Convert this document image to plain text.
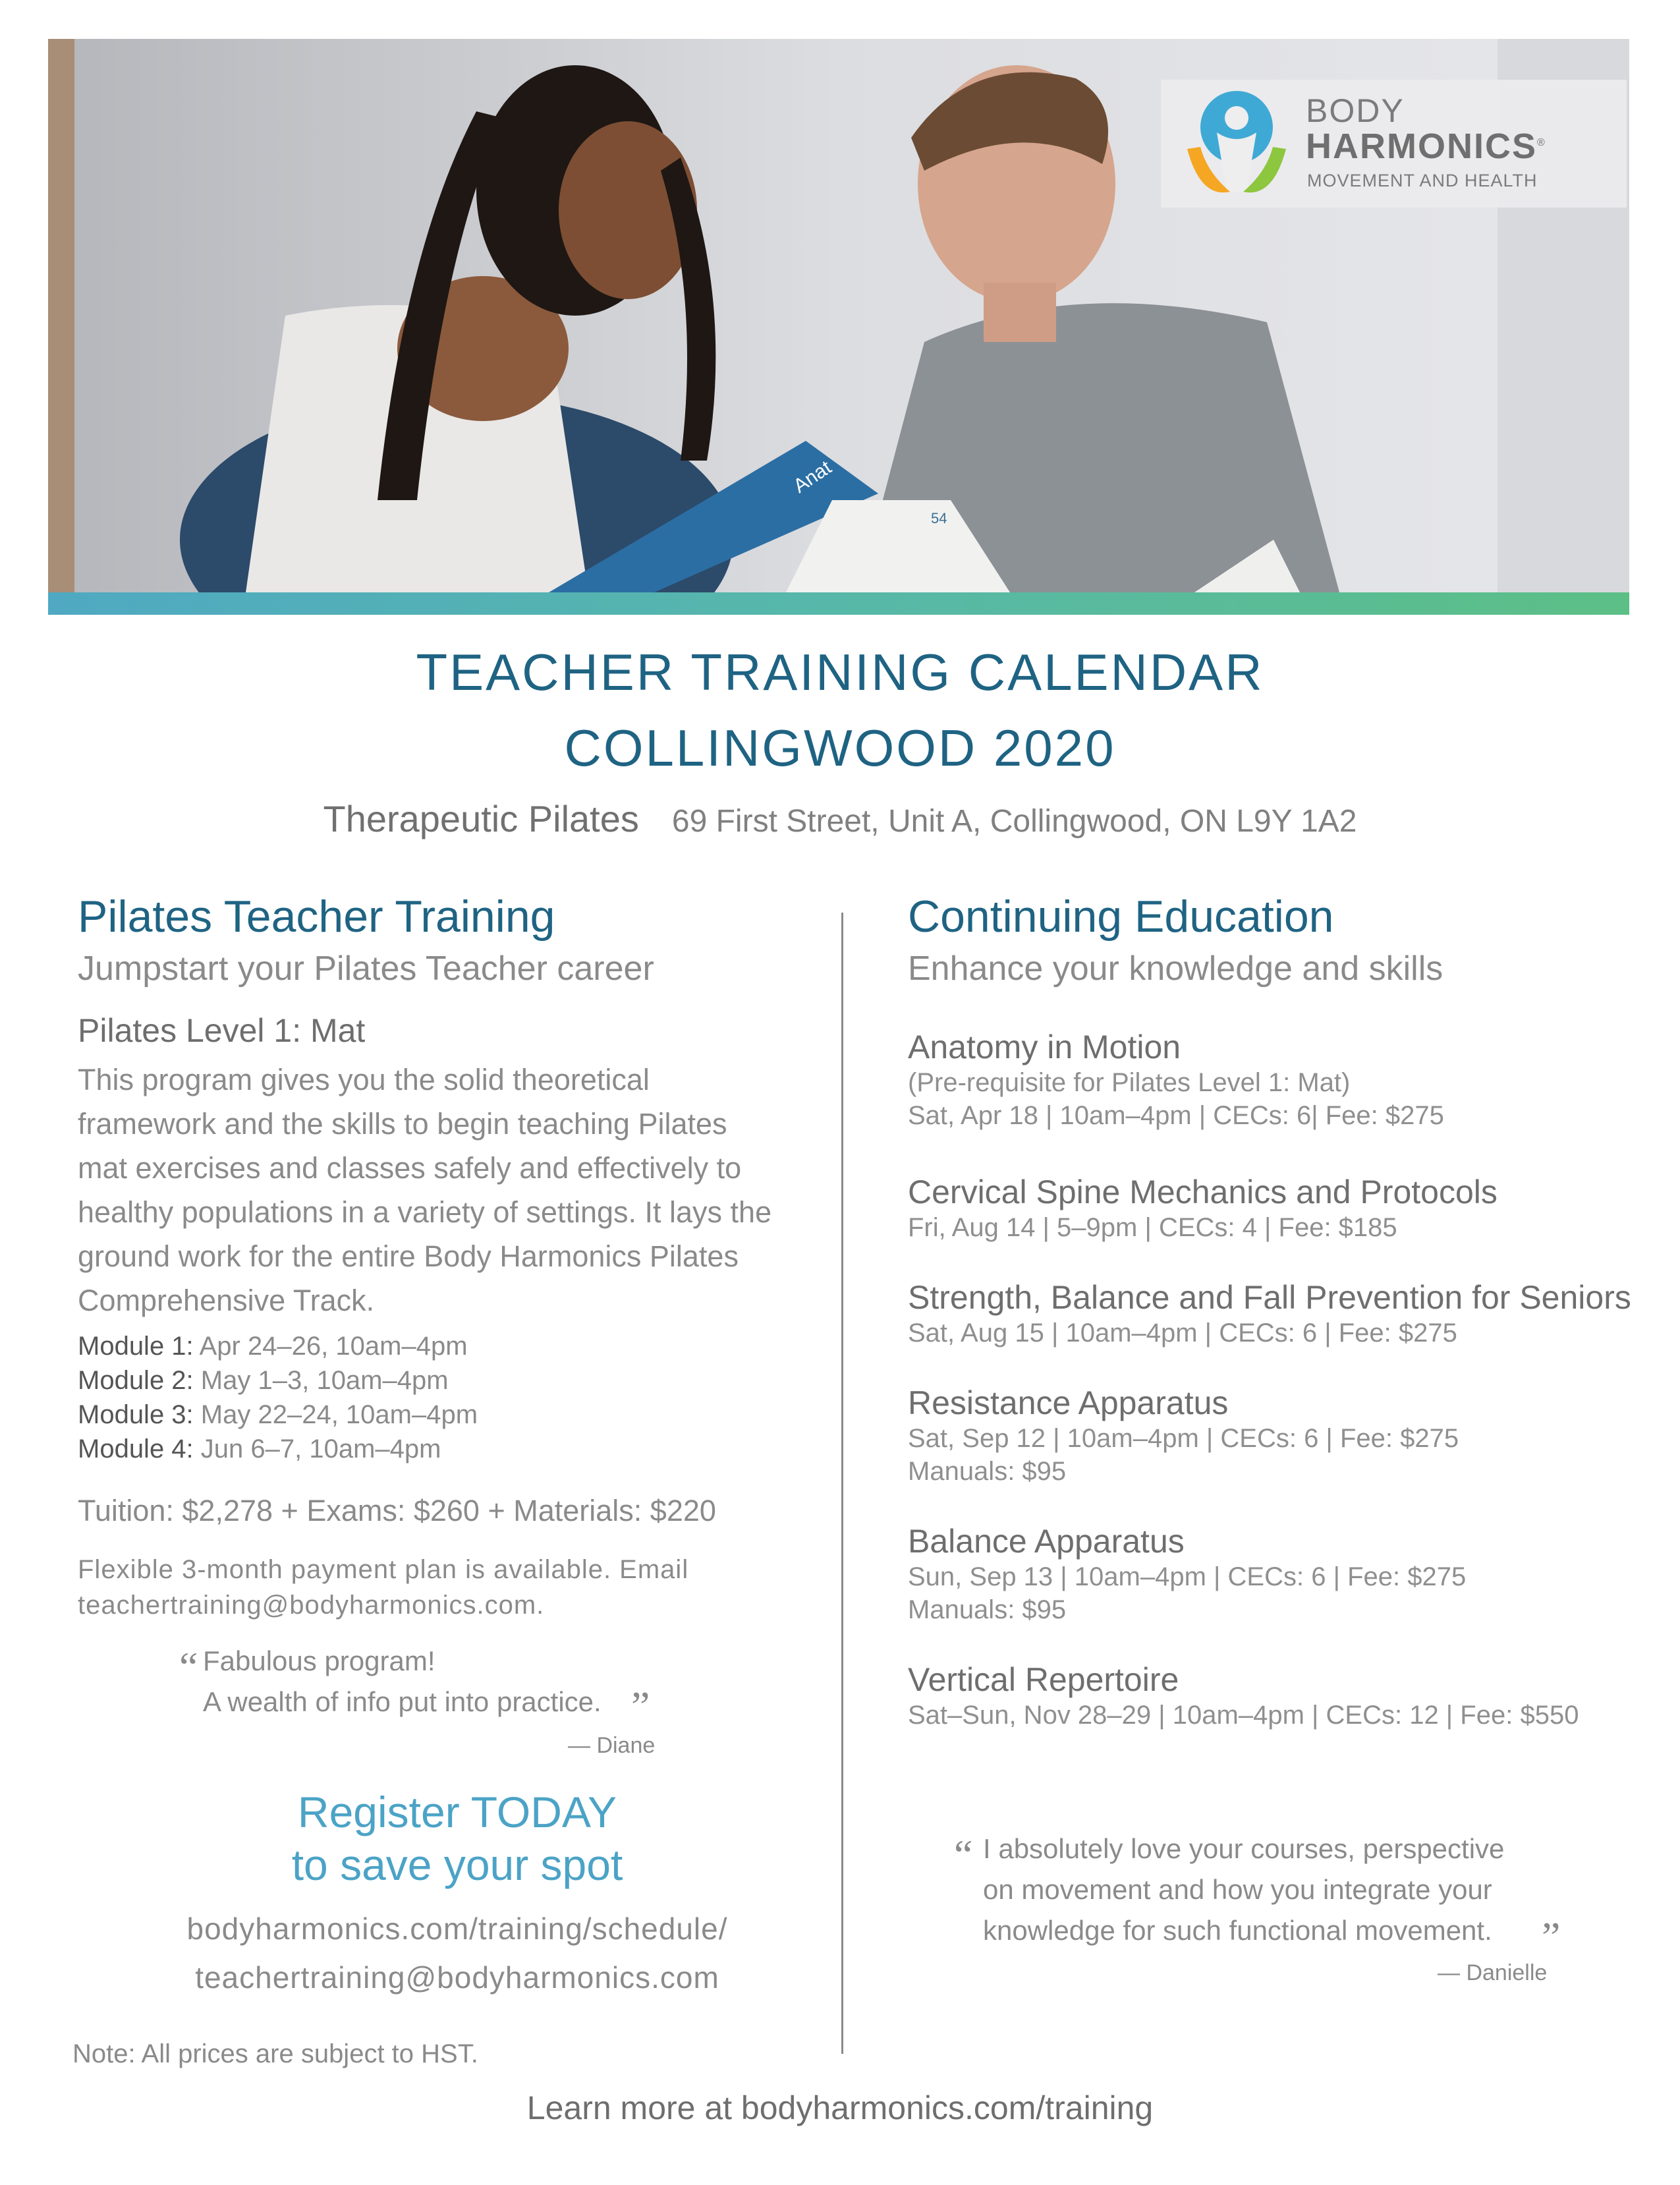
Anat
54
BODY
HARMONICS®
MOVEMENT AND HEALTH
TEACHER TRAINING CALENDAR
COLLINGWOOD 2020
Therapeutic Pilates 69 First Street, Unit A, Collingwood, ON L9Y 1A2
Pilates Teacher Training
Jumpstart your Pilates Teacher career
Pilates Level 1: Mat
This program gives you the solid theoretical
framework and the skills to begin teaching Pilates
mat exercises and classes safely and effectively to
healthy populations in a variety of settings. It lays the
ground work for the entire Body Harmonics Pilates
Comprehensive Track.
Module 1: Apr 24–26, 10am–4pm
Module 2: May 1–3, 10am–4pm
Module 3: May 22–24, 10am–4pm
Module 4: Jun 6–7, 10am–4pm
Tuition: $2,278 + Exams: $260 + Materials: $220
Flexible 3-month payment plan is available. Email
teachertraining@bodyharmonics.com.
“ Fabulous program!
A wealth of info put into practice. ”
— Diane
Register TODAY
to save your spot
bodyharmonics.com/training/schedule/
teachertraining@bodyharmonics.com
Note: All prices are subject to HST.
Continuing Education
Enhance your knowledge and skills
Anatomy in Motion
(Pre-requisite for Pilates Level 1: Mat)
Sat, Apr 18 | 10am–4pm | CECs: 6| Fee: $275
Cervical Spine Mechanics and Protocols
Fri, Aug 14 | 5–9pm | CECs: 4 | Fee: $185
Strength, Balance and Fall Prevention for Seniors
Sat, Aug 15 | 10am–4pm | CECs: 6 | Fee: $275
Resistance Apparatus
Sat, Sep 12 | 10am–4pm | CECs: 6 | Fee: $275
Manuals: $95
Balance Apparatus
Sun, Sep 13 | 10am–4pm | CECs: 6 | Fee: $275
Manuals: $95
Vertical Repertoire
Sat–Sun, Nov 28–29 | 10am–4pm | CECs: 12 | Fee: $550
“ I absolutely love your courses, perspective
on movement and how you integrate your
knowledge for such functional movement. ”
— Danielle
Learn more at bodyharmonics.com/training
